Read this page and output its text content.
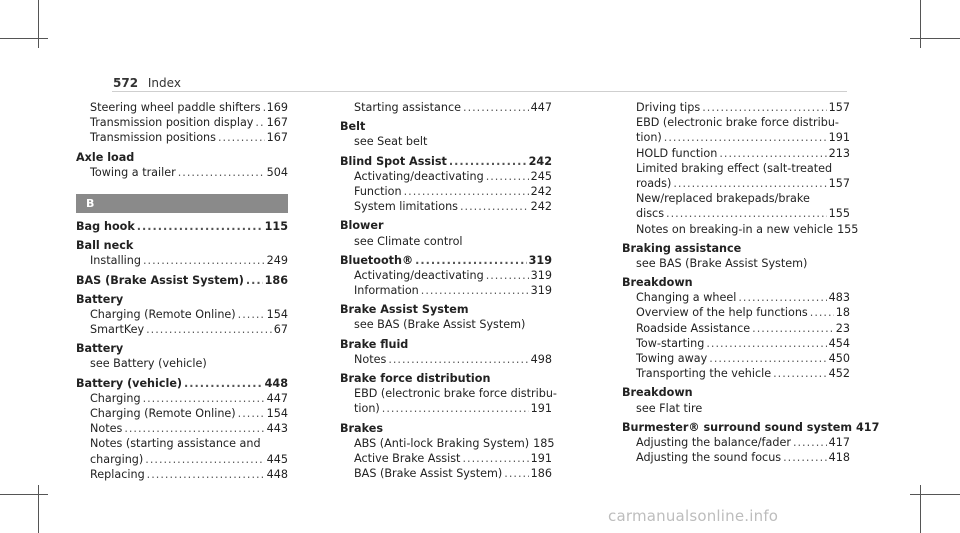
572 Index
Steering wheel paddle shifters ..... 169
Transmission position display ..... 167
Transmission positions .....	167
Axle load
Towing a trailer .....	504
B
Bag hook .....	115
Ball neck
Installing .....	249
BAS (Brake Assist System) ..... 186
Battery
Charging (Remote Online) .....	154
SmartKey .....	67
Battery
see Battery (vehicle)
Battery (vehicle) .....	448
Charging .....	447
Charging (Remote Online) .....	154
Notes .....	443
Notes (starting assistance and
charging) .....	445
Replacing .....	448
Starting assistance .....	447
Belt
see Seat belt
Blind Spot Assist .....	242
Activating/deactivating .....	245
Function .....	242
System limitations .....	242
Blower
see Climate control
Bluetooth® .....	319
Activating/deactivating .....	319
Information .....	319
Brake Assist System
see BAS (Brake Assist System)
Brake fluid
Notes .....	498
Brake force distribution
EBD (electronic brake force distribu-
tion) .....	191
Brakes
ABS (Anti-lock Braking System) 185
Active Brake Assist .....	191
BAS (Brake Assist System) .....	186
Driving tips .....	157
EBD (electronic brake force distribu-
tion) .....	191
HOLD function .....	213
Limited braking effect (salt-treated
roads) .....	157
New/replaced brakepads/brake
discs .....	155
Notes on breaking-in a new vehicle 155
Braking assistance
see BAS (Brake Assist System)
Breakdown
Changing a wheel .....	483
Overview of the help functions ..... 18
Roadside Assistance .....	23
Tow-starting .....	454
Towing away .....	450
Transporting the vehicle .....	452
Breakdown
see Flat tire
Burmester® surround sound system 417
Adjusting the balance/fader .....	417
Adjusting the sound focus .....	418
carmanualsonline.info
